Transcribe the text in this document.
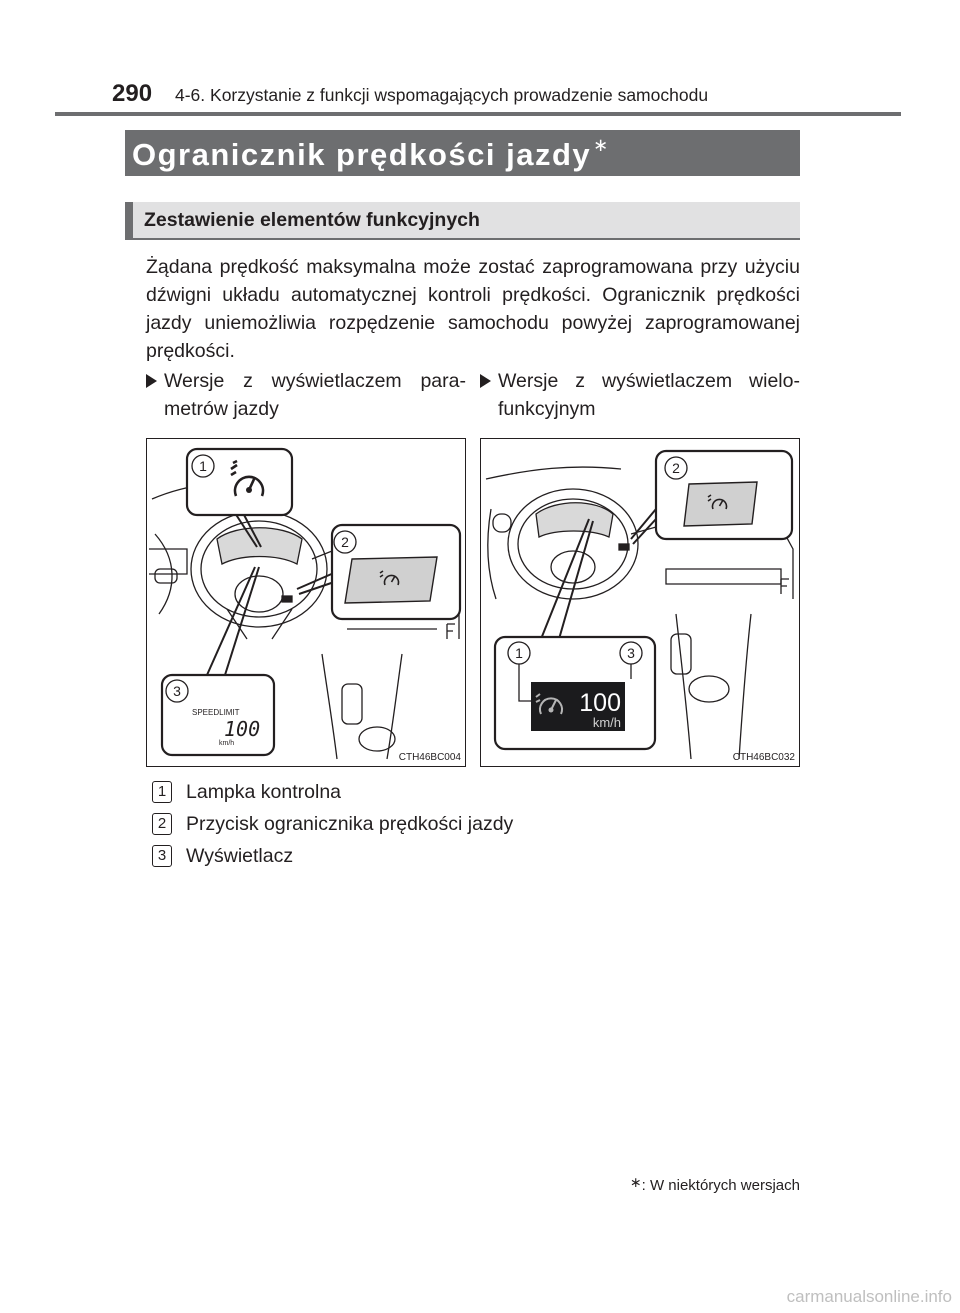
290 4-6. Korzystanie z funkcji wspomagających prowadzenie samochodu
Ogranicznik prędkości jazdy ∗
Zestawienie elementów funkcyjnych
Żądana prędkość maksymalna może zostać zaprogramowana przy użyciu dźwigni układu automatycznej kontroli prędkości. Ogranicznik prędkości jazdy uniemożliwia rozpędzenie samochodu powyżej zaprogramowanej prędkości.
Wersje z wyświetlaczem parametrów jazdy
Wersje z wyświetlaczem wielofunkcyjnym
1
2
3
SPEEDLIMIT
100
km/h
CTH46BC004
2
1	3
100
km/h
CTH46BC032
1 Lampka kontrolna
2 Przycisk ogranicznika prędkości jazdy
3 Wyświetlacz
∗: W niektórych wersjach
carmanualsonline.info
